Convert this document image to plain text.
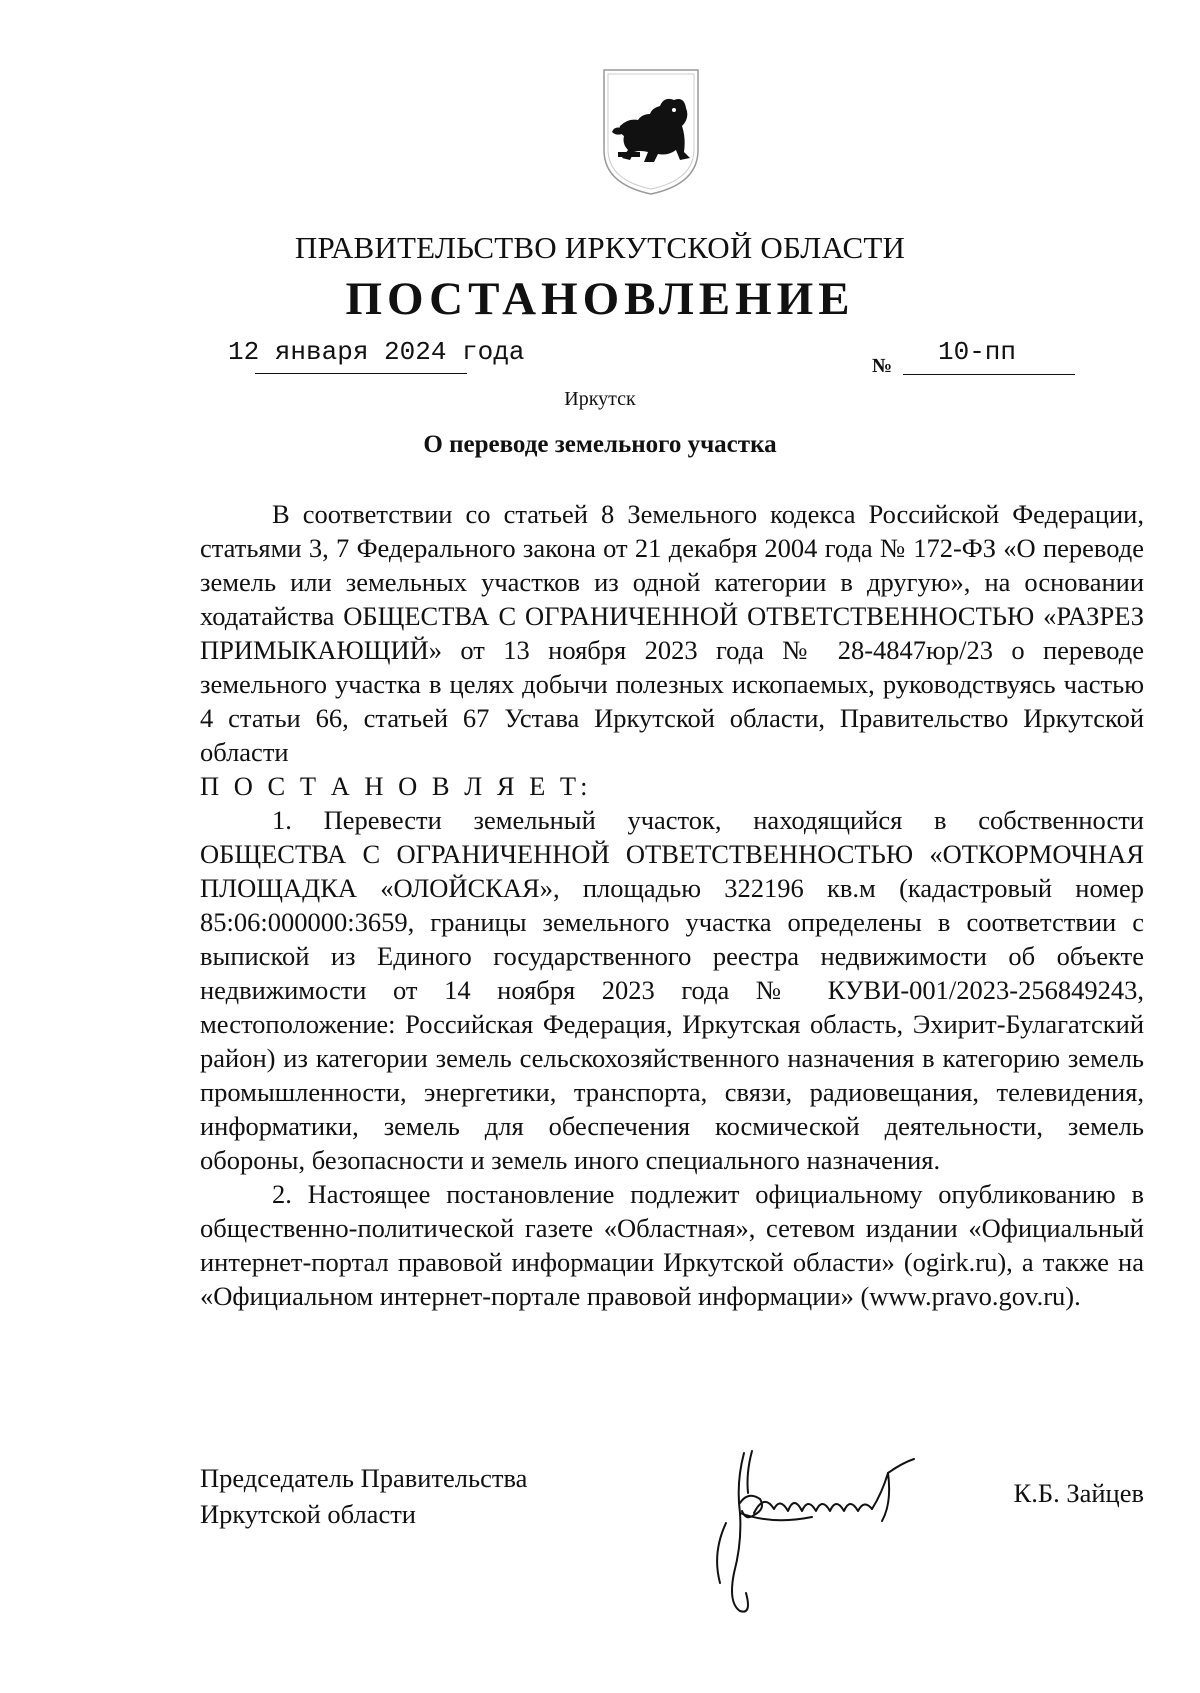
ПРАВИТЕЛЬСТВО ИРКУТСКОЙ ОБЛАСТИ
ПОСТАНОВЛЕНИЕ
12 января 2024 года	№ 10-пп
Иркутск
О переводе земельного участка

В соответствии со статьей 8 Земельного кодекса Российской Федерации, статьями 3, 7 Федерального закона от 21 декабря 2004 года № 172-ФЗ «О переводе земель или земельных участков из одной категории в другую», на основании ходатайства ОБЩЕСТВА С ОГРАНИЧЕННОЙ ОТВЕТСТВЕННОСТЬЮ «РАЗРЕЗ ПРИМЫКАЮЩИЙ» от 13 ноября 2023 года № 28-4847юр/23 о переводе земельного участка в целях добычи полезных ископаемых, руководствуясь частью 4 статьи 66, статьей 67 Устава Иркутской области, Правительство Иркутской области

П О С Т А Н О В Л Я Е Т:

1. Перевести земельный участок, находящийся в собственности ОБЩЕСТВА С ОГРАНИЧЕННОЙ ОТВЕТСТВЕННОСТЬЮ «ОТКОРМОЧНАЯ ПЛОЩАДКА «ОЛОЙСКАЯ», площадью 322196 кв.м (кадастровый номер 85:06:000000:3659, границы земельного участка определены в соответствии с выпиской из Единого государственного реестра недвижимости об объекте недвижимости от 14 ноября 2023 года № КУВИ-001/2023-256849243, местоположение: Российская Федерация, Иркутская область, Эхирит-Булагатский район) из категории земель сельскохозяйственного назначения в категорию земель промышленности, энергетики, транспорта, связи, радиовещания, телевидения, информатики, земель для обеспечения космической деятельности, земель обороны, безопасности и земель иного специального назначения.

2. Настоящее постановление подлежит официальному опубликованию в общественно-политической газете «Областная», сетевом издании «Официальный интернет-портал правовой информации Иркутской области» (ogirk.ru), а также на «Официальном интернет-портале правовой информации» (www.pravo.gov.ru).

Председатель Правительства
Иркутской области
К.Б. Зайцев
